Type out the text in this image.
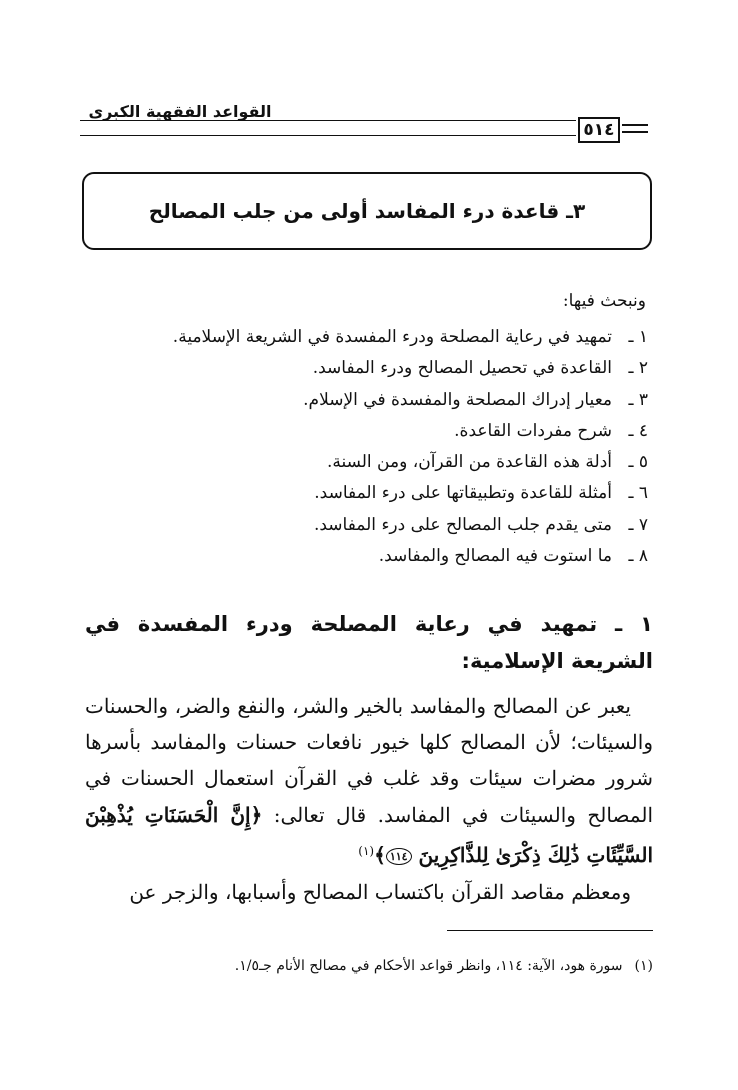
القواعد الفقهية الكبرى
٥١٤
٣ـ قاعدة درء المفاسد أولى من جلب المصالح
ونبحث فيها:
١ ـتمهيد في رعاية المصلحة ودرء المفسدة في الشريعة الإسلامية.
٢ ـالقاعدة في تحصيل المصالح ودرء المفاسد.
٣ ـمعيار إدراك المصلحة والمفسدة في الإسلام.
٤ ـشرح مفردات القاعدة.
٥ ـأدلة هذه القاعدة من القرآن، ومن السنة.
٦ ـأمثلة للقاعدة وتطبيقاتها على درء المفاسد.
٧ ـمتى يقدم جلب المصالح على درء المفاسد.
٨ ـما استوت فيه المصالح والمفاسد.
١ ـ تمهيد في رعاية المصلحة ودرء المفسدة في الشريعة الإسلامية:
يعبر عن المصالح والمفاسد بالخير والشر، والنفع والضر، والحسنات والسيئات؛ لأن المصالح كلها خيور نافعات حسنات والمفاسد بأسرها شرور مضرات سيئات وقد غلب في القرآن استعمال الحسنات في المصالح والسيئات في المفاسد. قال تعالى: ﴿إِنَّ الْحَسَنَاتِ يُذْهِبْنَ السَّيِّئَاتِ ذَٰلِكَ ذِكْرَىٰ لِلذَّاكِرِينَ ١١٤﴾$^{(١)}$
ومعظم مقاصد القرآن باكتساب المصالح وأسبابها، والزجر عن
(١)سورة هود، الآية: ١١٤، وانظر قواعد الأحكام في مصالح الأنام جـ١/٥.
